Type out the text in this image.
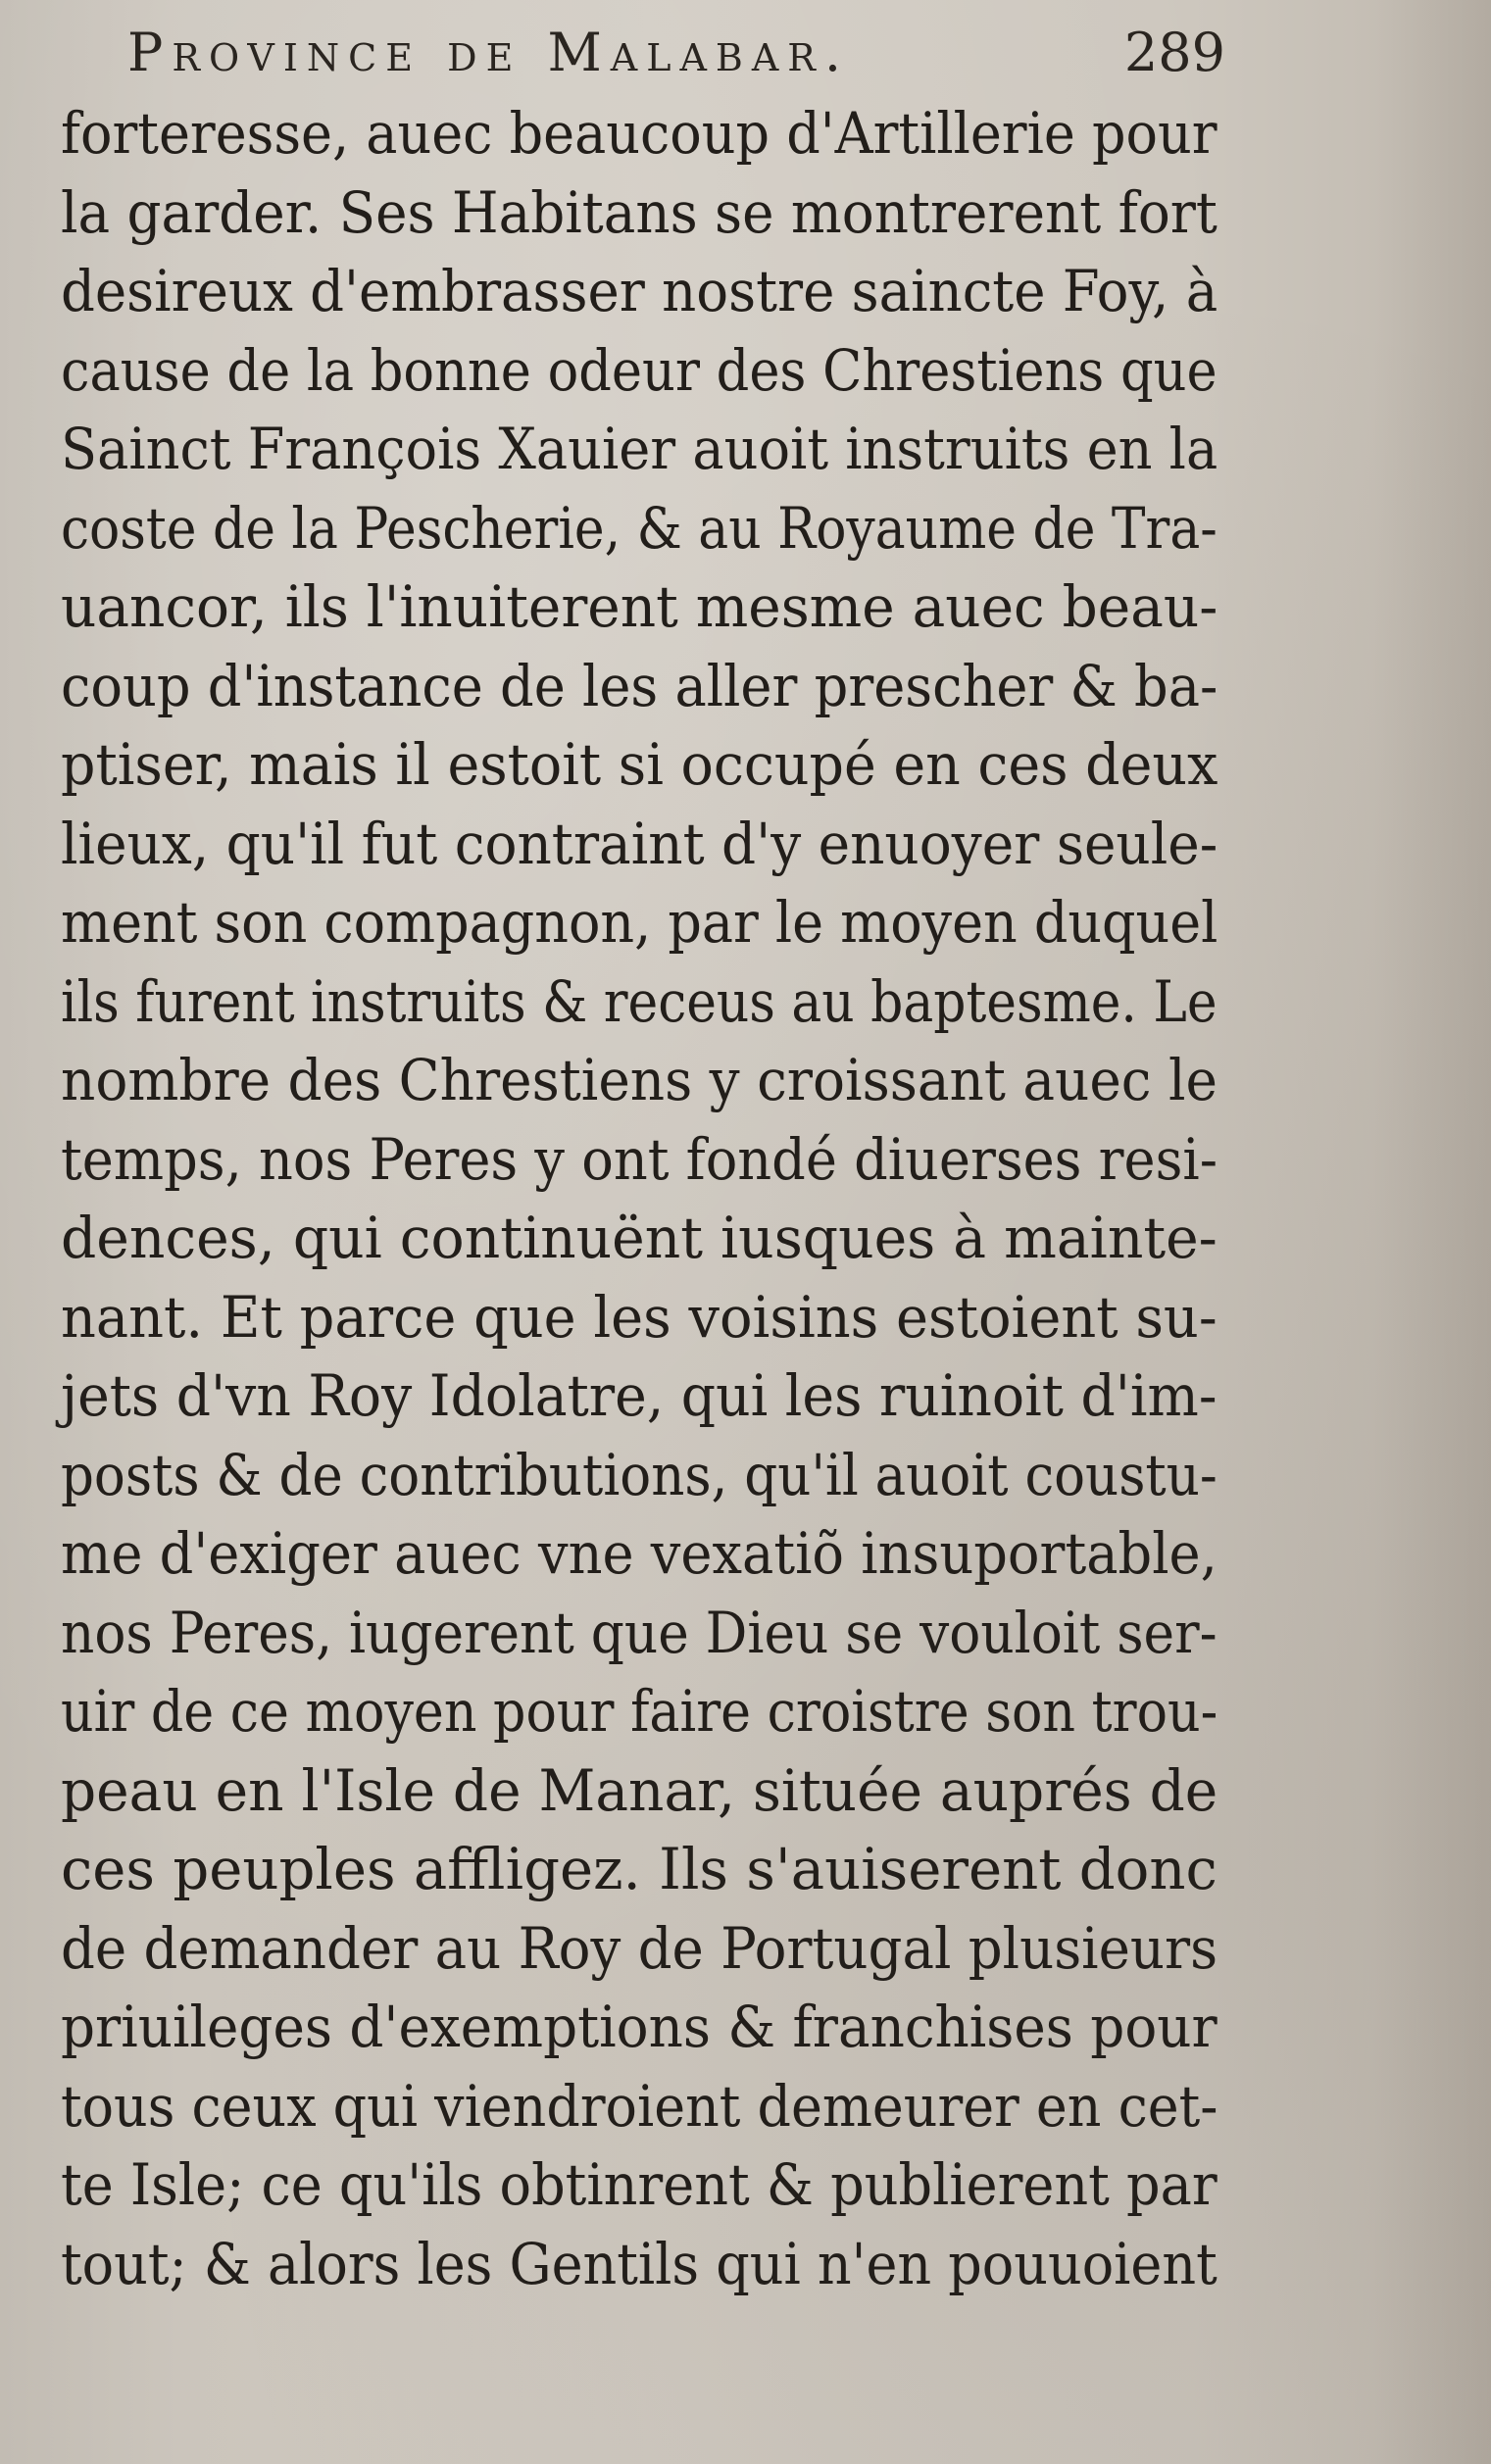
Province de Malabar.	289
forteresse, auec beaucoup d'Artillerie pour
la garder. Ses Habitans se montrerent fort
desireux d'embrasser nostre saincte Foy, à
cause de la bonne odeur des Chrestiens que
Sainct François Xauier auoit instruits en la
coste de la Pescherie, & au Royaume de Tra-
uancor, ils l'inuiterent mesme auec beau-
coup d'instance de les aller prescher & ba-
ptiser, mais il estoit si occupé en ces deux
lieux, qu'il fut contraint d'y enuoyer seule-
ment son compagnon, par le moyen duquel
ils furent instruits & receus au baptesme. Le
nombre des Chrestiens y croissant auec le
temps, nos Peres y ont fondé diuerses resi-
dences, qui continuënt iusques à mainte-
nant. Et parce que les voisins estoient su-
jets d'vn Roy Idolatre, qui les ruinoit d'im-
posts & de contributions, qu'il auoit coustu-
me d'exiger auec vne vexatiõ insuportable,
nos Peres, iugerent que Dieu se vouloit ser-
uir de ce moyen pour faire croistre son trou-
peau en l'Isle de Manar, située auprés de
ces peuples affligez. Ils s'auiserent donc
de demander au Roy de Portugal plusieurs
priuileges d'exemptions & franchises pour
tous ceux qui viendroient demeurer en cet-
te Isle; ce qu'ils obtinrent & publierent par
tout; & alors les Gentils qui n'en pouuoient
